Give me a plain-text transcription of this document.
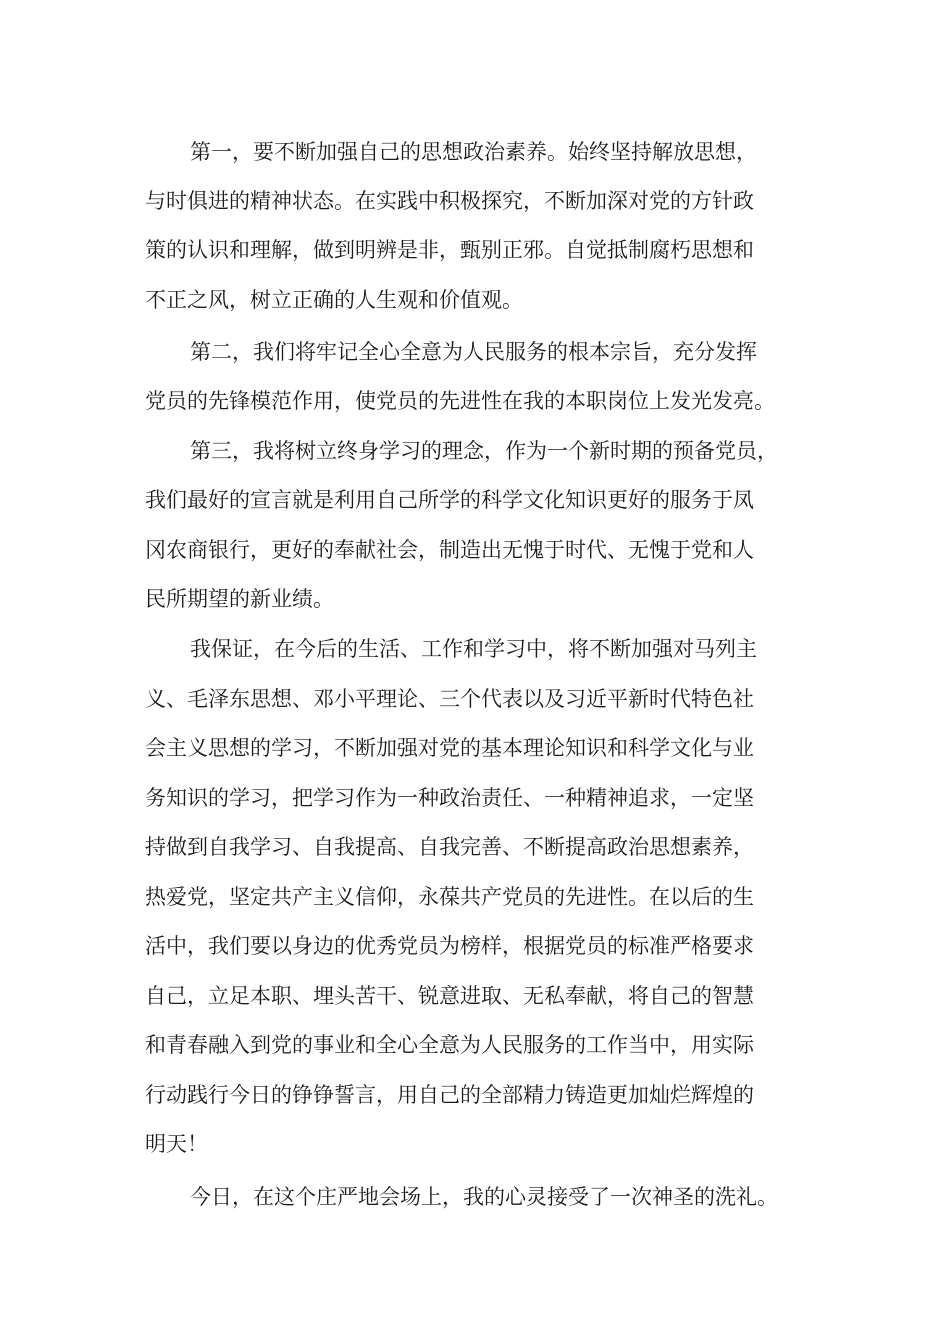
第一，要不断加强自己的思想政治素养。始终坚持解放思想，
与时俱进的精神状态。在实践中积极探究，不断加深对党的方针政
策的认识和理解，做到明辨是非，甄别正邪。自觉抵制腐朽思想和
不正之风，树立正确的人生观和价值观。
第二，我们将牢记全心全意为人民服务的根本宗旨，充分发挥
党员的先锋模范作用，使党员的先进性在我的本职岗位上发光发亮。
第三，我将树立终身学习的理念，作为一个新时期的预备党员，
我们最好的宣言就是利用自己所学的科学文化知识更好的服务于凤
冈农商银行，更好的奉献社会，制造出无愧于时代、无愧于党和人
民所期望的新业绩。
我保证，在今后的生活、工作和学习中，将不断加强对马列主
义、毛泽东思想、邓小平理论、三个代表以及习近平新时代特色社
会主义思想的学习，不断加强对党的基本理论知识和科学文化与业
务知识的学习，把学习作为一种政治责任、一种精神追求，一定坚
持做到自我学习、自我提高、自我完善、不断提高政治思想素养，
热爱党，坚定共产主义信仰，永葆共产党员的先进性。在以后的生
活中，我们要以身边的优秀党员为榜样，根据党员的标准严格要求
自己，立足本职、埋头苦干、锐意进取、无私奉献，将自己的智慧
和青春融入到党的事业和全心全意为人民服务的工作当中，用实际
行动践行今日的铮铮誓言，用自己的全部精力铸造更加灿烂辉煌的
明天！
今日，在这个庄严地会场上，我的心灵接受了一次神圣的洗礼。
